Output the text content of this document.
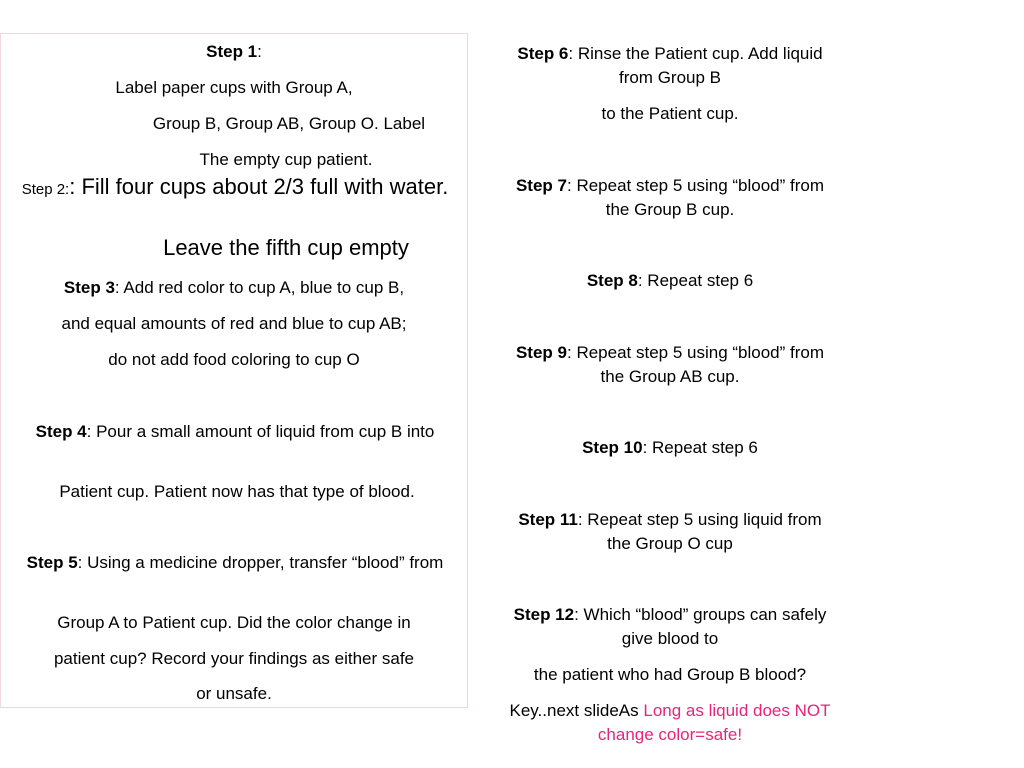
Step 1:
Label paper cups with Group A,
Group B, Group AB, Group O. Label
The empty cup patient.
Step 2:: Fill four cups about 2/3 full with water.
Leave the fifth cup empty
Step 3: Add red color to cup A, blue to cup B,
and equal amounts of red and blue to cup AB;
do not add food coloring to cup O
Step 4: Pour a small amount of liquid from cup B into
Patient cup. Patient now has that type of blood.
Step 5: Using a medicine dropper, transfer “blood” from
Group A to Patient cup. Did the color change in
patient cup? Record your findings as either safe
or unsafe.
Step 6: Rinse the Patient cup. Add liquid from Group B
to the Patient cup.
Step 7: Repeat step 5 using “blood” from the Group B cup.
Step 8: Repeat step 6
Step 9: Repeat step 5 using “blood” from the Group AB cup.
Step 10: Repeat step 6
Step 11: Repeat step 5 using liquid from the Group O cup
Step 12: Which “blood” groups can safely give blood to
the patient who had Group B blood?
Key..next slideAs Long as liquid does NOT change color=safe!
